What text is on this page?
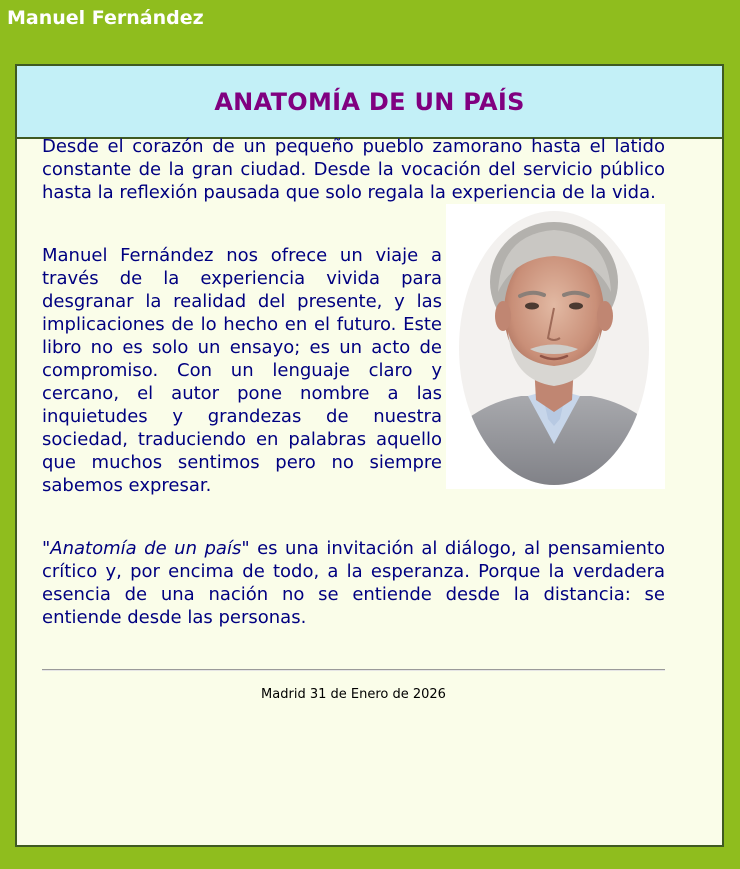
Manuel Fernández
ANATOMÍA DE UN PAÍS

Desde el corazón de un pequeño pueblo zamorano hasta el latido constante de la gran ciudad. Desde la vocación del servicio público hasta la reflexión pausada que solo regala la experiencia de la vida.

Manuel Fernández nos ofrece un viaje a través de la experiencia vivida para desgranar la realidad del presente, y las implicaciones de lo hecho en el futuro. Este libro no es solo un ensayo; es un acto de compromiso. Con un lenguaje claro y cercano, el autor pone nombre a las inquietudes y grandezas de nuestra sociedad, traduciendo en palabras aquello que muchos sentimos pero no siempre sabemos expresar.

"Anatomía de un país" es una invitación al diálogo, al pensamiento crítico y, por encima de todo, a la esperanza. Porque la verdadera esencia de una nación no se entiende desde la distancia: se entiende desde las personas.

Madrid 31 de Enero de 2026
